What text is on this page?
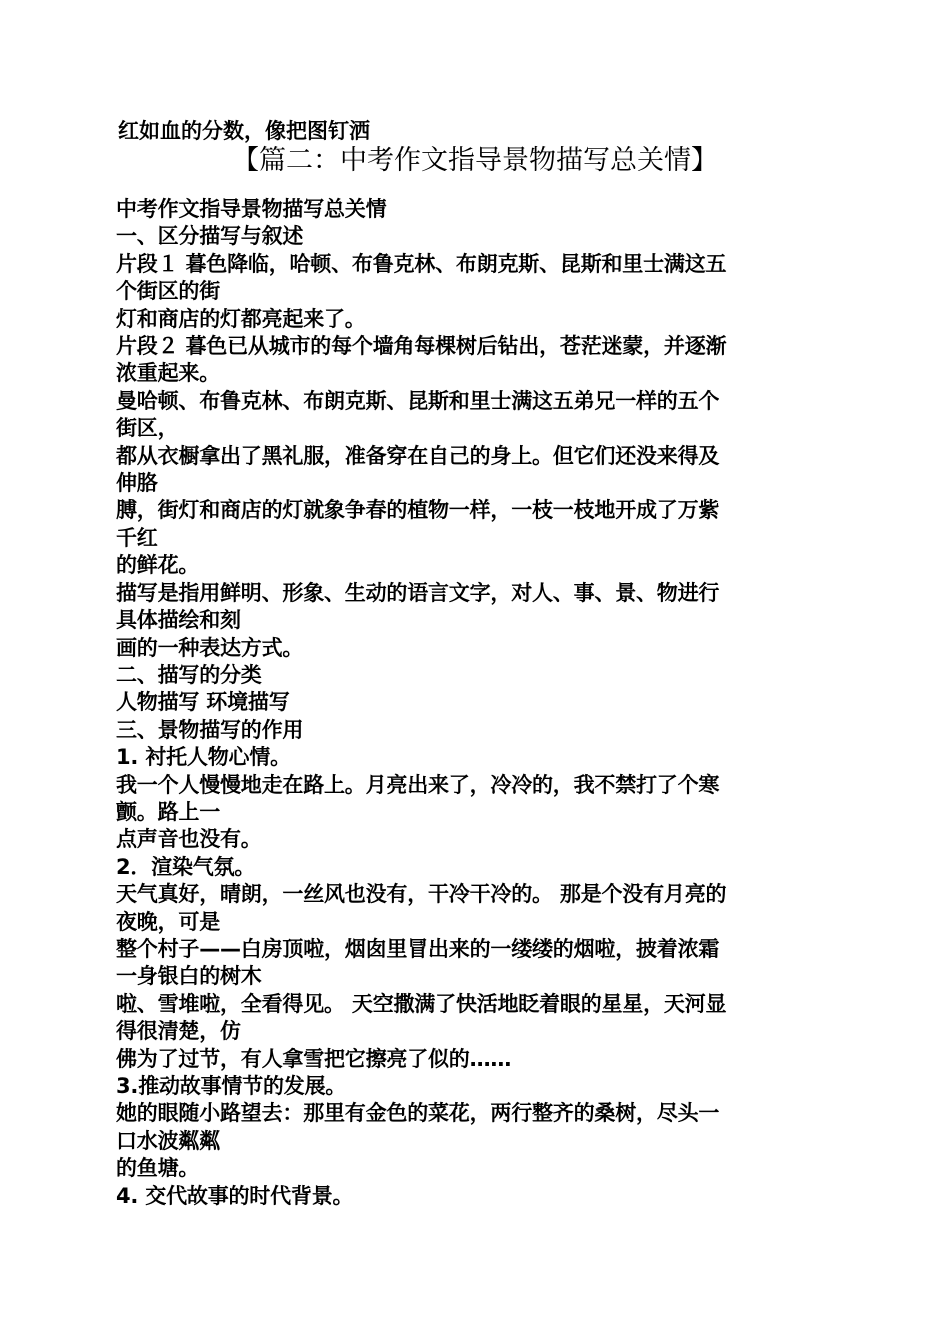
红如血的分数，像把图钉洒
【篇二：中考作文指导景物描写总关情】
中考作文指导景物描写总关情
一、区分描写与叙述
片段１ 暮色降临，哈顿、布鲁克林、布朗克斯、昆斯和里士满这五
个街区的街
灯和商店的灯都亮起来了。
片段２ 暮色已从城市的每个墙角每棵树后钻出，苍茫迷蒙，并逐渐
浓重起来。
曼哈顿、布鲁克林、布朗克斯、昆斯和里士满这五弟兄一样的五个
街区，
都从衣橱拿出了黑礼服，准备穿在自己的身上。但它们还没来得及
伸胳
膊，街灯和商店的灯就象争春的植物一样，一枝一枝地开成了万紫
千红
的鲜花。
描写是指用鲜明、形象、生动的语言文字，对人、事、景、物进行
具体描绘和刻
画的一种表达方式。
二、描写的分类
人物描写 环境描写
三、景物描写的作用
1. 衬托人物心情。
我一个人慢慢地走在路上。月亮出来了，冷冷的，我不禁打了个寒
颤。路上一
点声音也没有。
2．渲染气氛。
天气真好，晴朗，一丝风也没有，干冷干冷的。 那是个没有月亮的
夜晚，可是
整个村子——白房顶啦，烟囱里冒出来的一缕缕的烟啦，披着浓霜
一身银白的树木
啦、雪堆啦，全看得见。 天空撒满了快活地眨着眼的星星，天河显
得很清楚，仿
佛为了过节，有人拿雪把它擦亮了似的……
3.推动故事情节的发展。
她的眼随小路望去：那里有金色的菜花，两行整齐的桑树，尽头一
口水波粼粼
的鱼塘。
4. 交代故事的时代背景。
